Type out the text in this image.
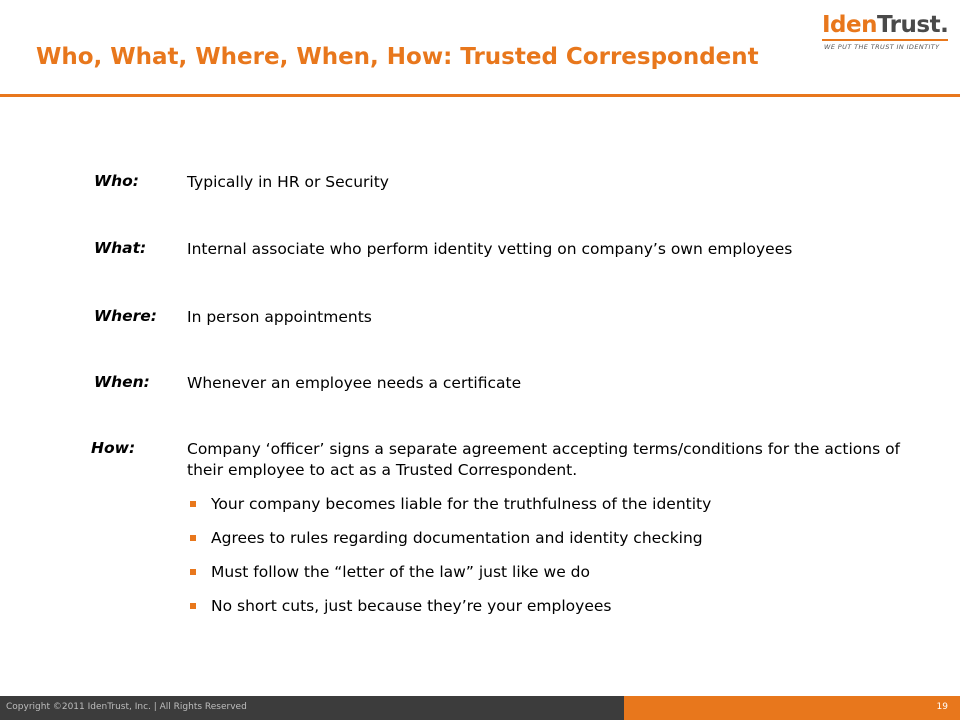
Who, What, Where, When, How: Trusted Correspondent
IdenTrust.
WE PUT THE TRUST IN IDENTITY
Who:	Typically in HR or Security
What:	Internal associate who perform identity vetting on company’s own employees
Where:	In person appointments
When:	Whenever an employee needs a certificate
How:	Company ‘officer’ signs a separate agreement accepting terms/conditions for the actions of their employee to act as a Trusted Correspondent.
Your company becomes liable for the truthfulness of the identity
Agrees to rules regarding documentation and identity checking
Must follow the “letter of the law” just like we do
No short cuts, just because they’re your employees
Copyright ©2011 IdenTrust, Inc. | All Rights Reserved	19
